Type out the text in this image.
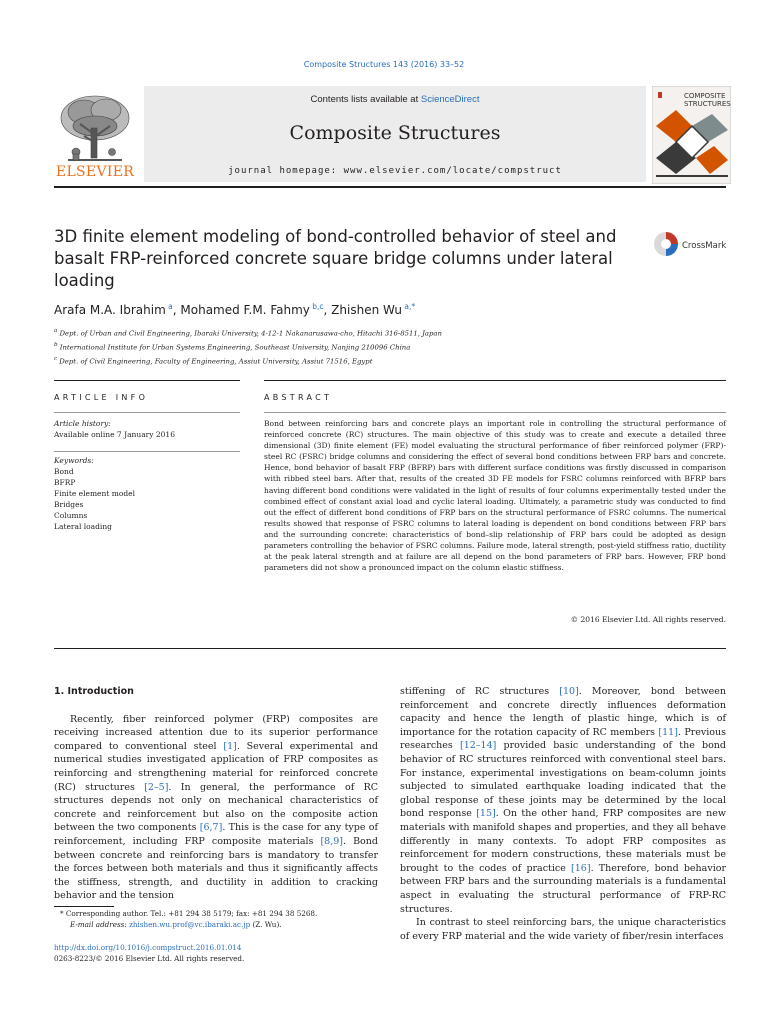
Composite Structures 143 (2016) 33–52
ELSEVIER
Contents lists available at ScienceDirect
Composite Structures
journal homepage: www.elsevier.com/locate/compstruct
COMPOSITE
STRUCTURES
3D finite element modeling of bond-controlled behavior of steel and basalt FRP-reinforced concrete square bridge columns under lateral loading
CrossMark
Arafa M.A. Ibrahim $^a$, Mohamed F.M. Fahmy $^{b,c}$, Zhishen Wu $^{a,*}$
$^a$ Dept. of Urban and Civil Engineering, Ibaraki University, 4-12-1 Nakanarusawa-cho, Hitachi 316-8511, Japan
$^b$ International Institute for Urban Systems Engineering, Southeast University, Nanjing 210096 China
$^c$ Dept. of Civil Engineering, Faculty of Engineering, Assiut University, Assiut 71516, Egypt
ARTICLE INFO	ABSTRACT
Article history:
Available online 7 January 2016
Keywords:
Bond
BFRP
Finite element model
Bridges
Columns
Lateral loading
Bond between reinforcing bars and concrete plays an important role in controlling the structural performance of reinforced concrete (RC) structures. The main objective of this study was to create and execute a detailed three dimensional (3D) finite element (FE) model evaluating the structural performance of fiber reinforced polymer (FRP)-steel RC (FSRC) bridge columns and considering the effect of several bond conditions between FRP bars and concrete. Hence, bond behavior of basalt FRP (BFRP) bars with different surface conditions was firstly discussed in comparison with ribbed steel bars. After that, results of the created 3D FE models for FSRC columns reinforced with BFRP bars having different bond conditions were validated in the light of results of four columns experimentally tested under the combined effect of constant axial load and cyclic lateral loading. Ultimately, a parametric study was conducted to find out the effect of different bond conditions of FRP bars on the structural performance of FSRC columns. The numerical results showed that response of FSRC columns to lateral loading is dependent on bond conditions between FRP bars and the surrounding concrete: characteristics of bond–slip relationship of FRP bars could be adopted as design parameters controlling the behavior of FSRC columns. Failure mode, lateral strength, post-yield stiffness ratio, ductility at the peak lateral strength and at failure are all depend on the bond parameters of FRP bars. However, FRP bond parameters did not show a pronounced impact on the column elastic stiffness.
© 2016 Elsevier Ltd. All rights reserved.
1. Introduction

Recently, fiber reinforced polymer (FRP) composites are receiving increased attention due to its superior performance compared to conventional steel [1]. Several experimental and numerical studies investigated application of FRP composites as reinforcing and strengthening material for reinforced concrete (RC) structures [2–5]. In general, the performance of RC structures depends not only on mechanical characteristics of concrete and reinforcement but also on the composite action between the two components [6,7]. This is the case for any type of reinforcement, including FRP composite materials [8,9]. Bond between concrete and reinforcing bars is mandatory to transfer the forces between both materials and thus it significantly affects the stiffness, strength, and ductility in addition to cracking behavior and the tension

stiffening of RC structures [10]. Moreover, bond between reinforcement and concrete directly influences deformation capacity and hence the length of plastic hinge, which is of importance for the rotation capacity of RC members [11]. Previous researches [12–14] provided basic understanding of the bond behavior of RC structures reinforced with conventional steel bars. For instance, experimental investigations on beam-column joints subjected to simulated earthquake loading indicated that the global response of these joints may be determined by the local bond response [15]. On the other hand, FRP composites are new materials with manifold shapes and properties, and they all behave differently in many contexts. To adopt FRP composites as reinforcement for modern constructions, these materials must be brought to the codes of practice [16]. Therefore, bond behavior between FRP bars and the surrounding materials is a fundamental aspect in evaluating the structural performance of FRP-RC structures.

In contrast to steel reinforcing bars, the unique characteristics of every FRP material and the wide variety of fiber/resin interfaces

* Corresponding author. Tel.: +81 294 38 5179; fax: +81 294 38 5268.
E-mail address: zhishen.wu.prof@vc.ibaraki.ac.jp (Z. Wu).
http://dx.doi.org/10.1016/j.compstruct.2016.01.014
0263-8223/© 2016 Elsevier Ltd. All rights reserved.
